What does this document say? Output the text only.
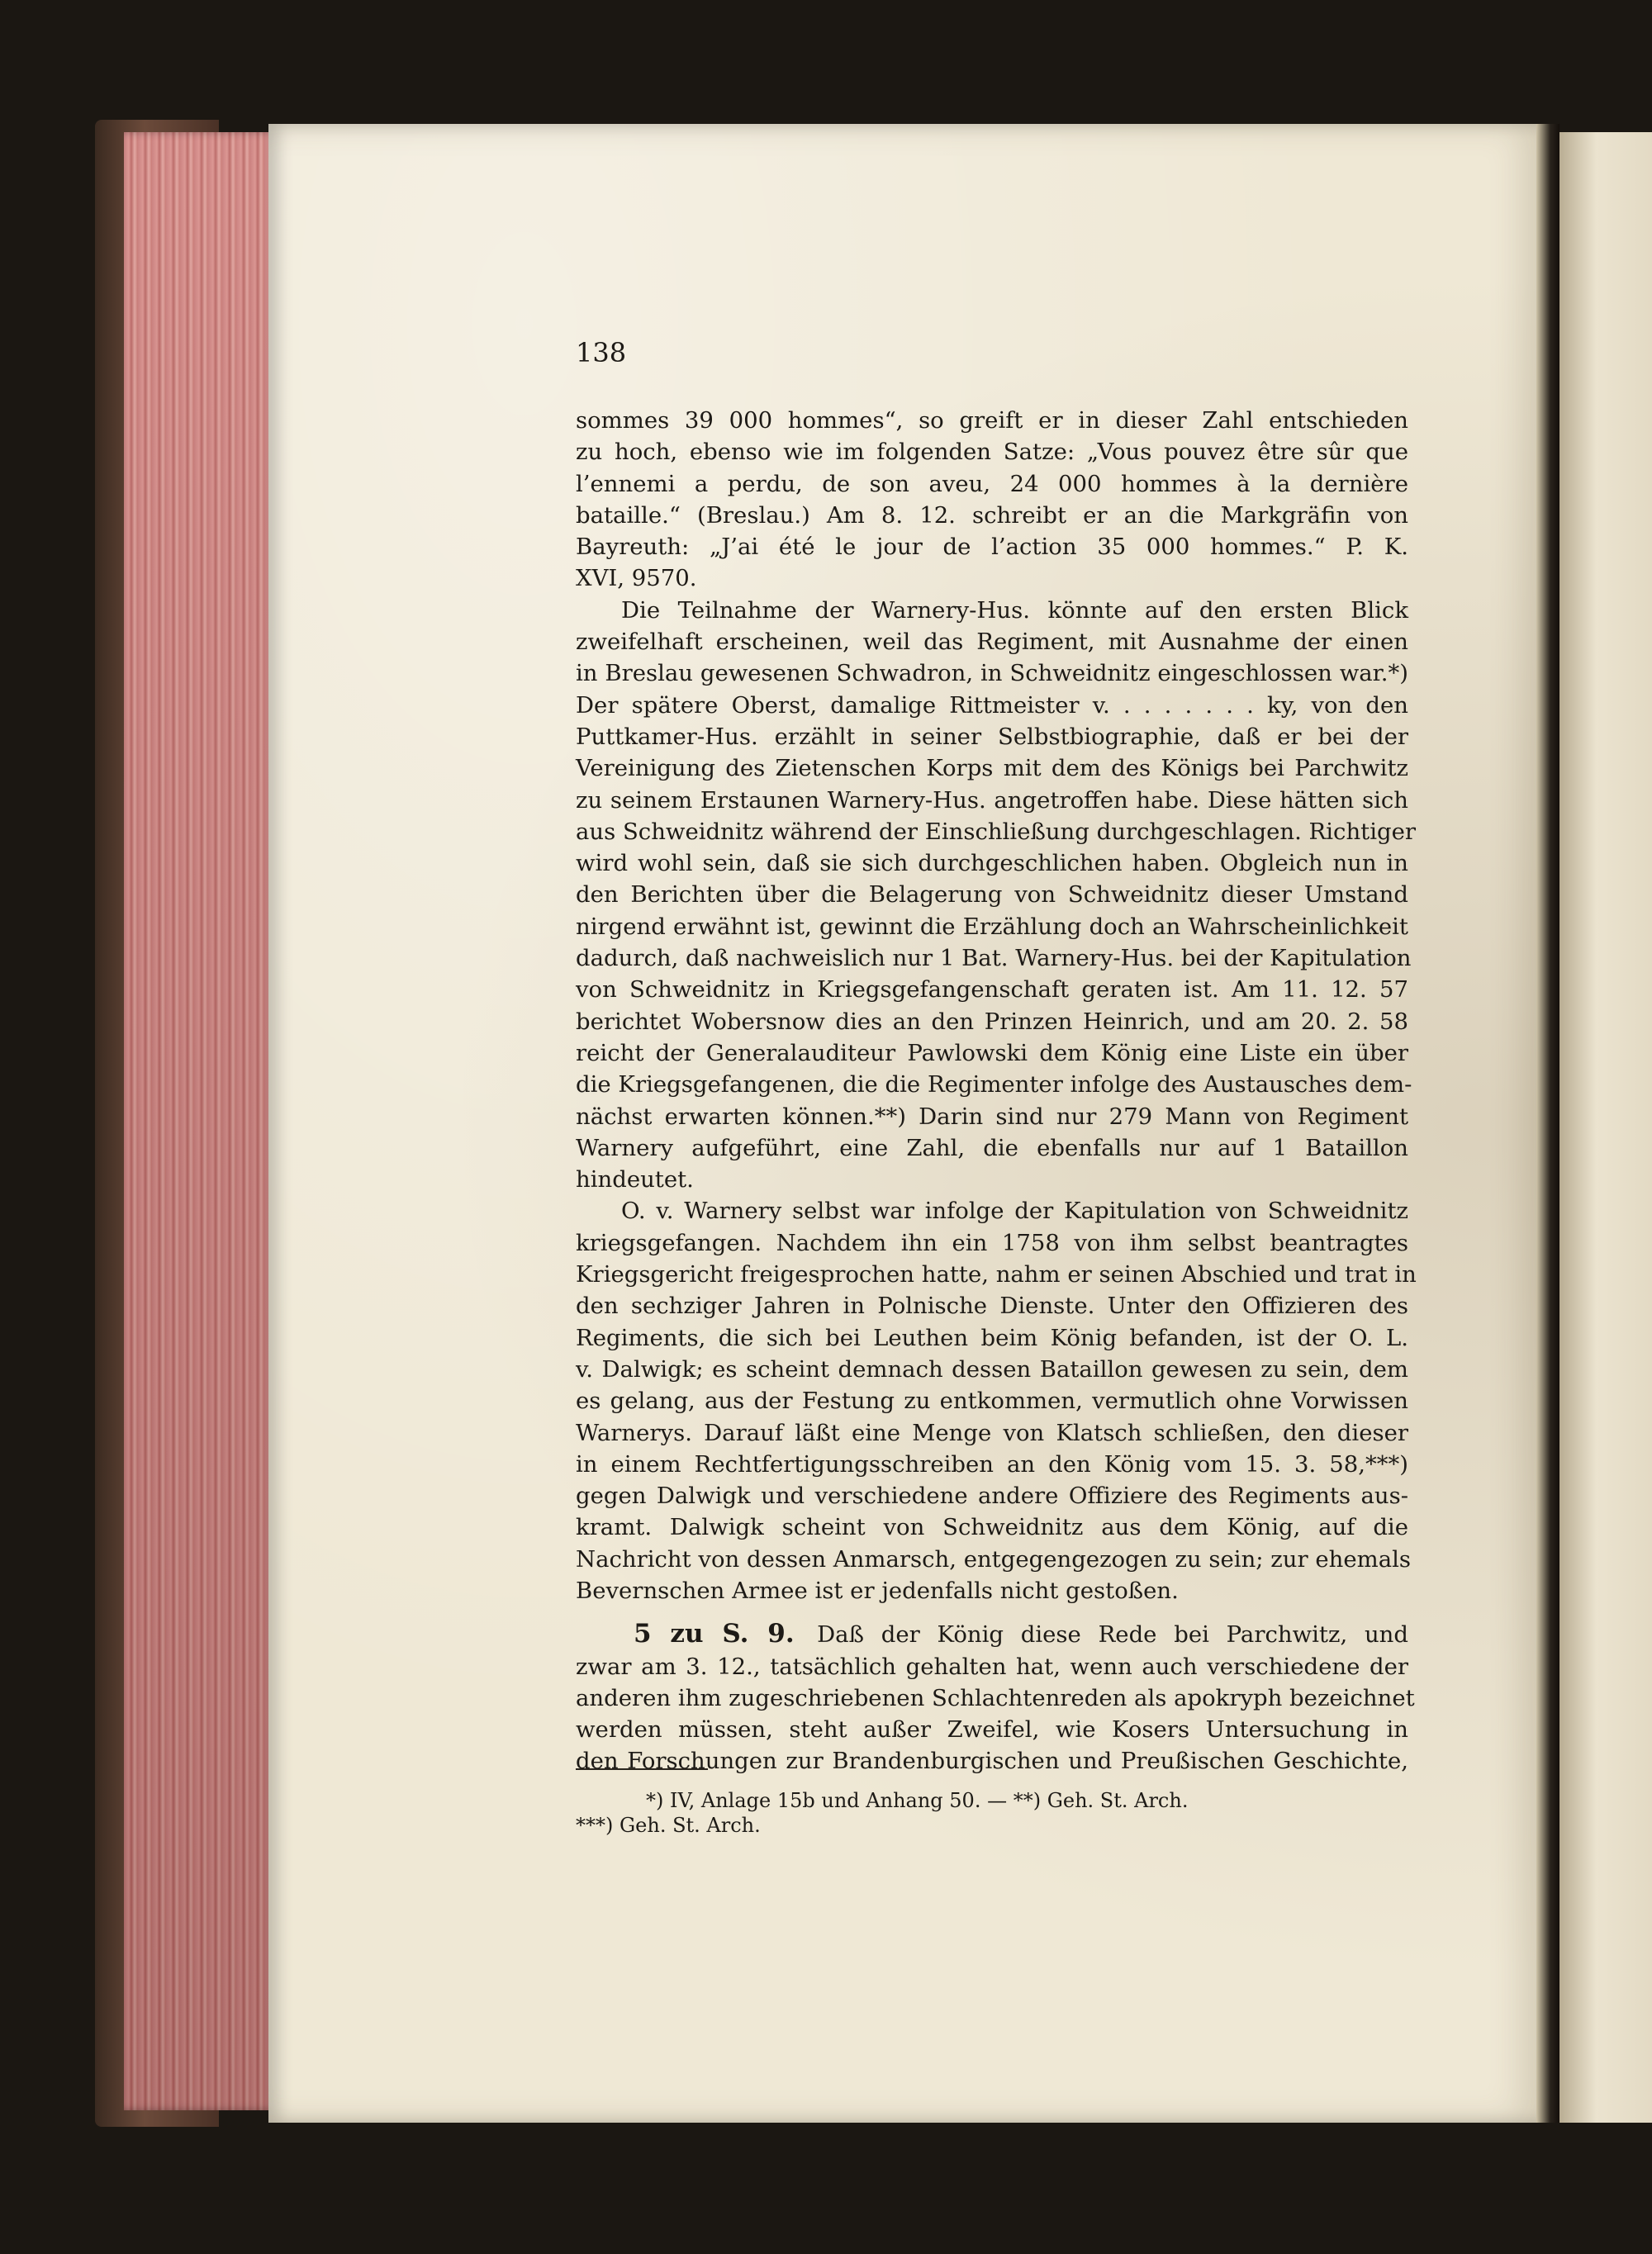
138
sommes 39 000 hommes“, so greift er in dieser Zahl entschieden
zu hoch, ebenso wie im folgenden Satze: „Vous pouvez être sûr que
l’ennemi a perdu, de son aveu, 24 000 hommes à la dernière
bataille.“ (Breslau.) Am 8. 12. schreibt er an die Markgräfin von
Bayreuth: „J’ai été le jour de l’action 35 000 hommes.“ P. K.
XVI, 9570.
Die Teilnahme der Warnery-Hus. könnte auf den ersten Blick
zweifelhaft erscheinen, weil das Regiment, mit Ausnahme der einen
in Breslau gewesenen Schwadron, in Schweidnitz eingeschlossen war.*)
Der spätere Oberst, damalige Rittmeister v. . . . . . . . ky, von den
Puttkamer-Hus. erzählt in seiner Selbstbiographie, daß er bei der
Vereinigung des Zietenschen Korps mit dem des Königs bei Parchwitz
zu seinem Erstaunen Warnery-Hus. angetroffen habe. Diese hätten sich
aus Schweidnitz während der Einschließung durchgeschlagen. Richtiger
wird wohl sein, daß sie sich durchgeschlichen haben. Obgleich nun in
den Berichten über die Belagerung von Schweidnitz dieser Umstand
nirgend erwähnt ist, gewinnt die Erzählung doch an Wahrscheinlichkeit
dadurch, daß nachweislich nur 1 Bat. Warnery-Hus. bei der Kapitulation
von Schweidnitz in Kriegsgefangenschaft geraten ist. Am 11. 12. 57
berichtet Wobersnow dies an den Prinzen Heinrich, und am 20. 2. 58
reicht der Generalauditeur Pawlowski dem König eine Liste ein über
die Kriegsgefangenen, die die Regimenter infolge des Austausches dem-
nächst erwarten können.**) Darin sind nur 279 Mann von Regiment
Warnery aufgeführt, eine Zahl, die ebenfalls nur auf 1 Bataillon
hindeutet.
O. v. Warnery selbst war infolge der Kapitulation von Schweidnitz
kriegsgefangen. Nachdem ihn ein 1758 von ihm selbst beantragtes
Kriegsgericht freigesprochen hatte, nahm er seinen Abschied und trat in
den sechziger Jahren in Polnische Dienste. Unter den Offizieren des
Regiments, die sich bei Leuthen beim König befanden, ist der O. L.
v. Dalwigk; es scheint demnach dessen Bataillon gewesen zu sein, dem
es gelang, aus der Festung zu entkommen, vermutlich ohne Vorwissen
Warnerys. Darauf läßt eine Menge von Klatsch schließen, den dieser
in einem Rechtfertigungsschreiben an den König vom 15. 3. 58,***)
gegen Dalwigk und verschiedene andere Offiziere des Regiments aus-
kramt. Dalwigk scheint von Schweidnitz aus dem König, auf die
Nachricht von dessen Anmarsch, entgegengezogen zu sein; zur ehemals
Bevernschen Armee ist er jedenfalls nicht gestoßen.
5 zu S. 9.  Daß der König diese Rede bei Parchwitz, und
zwar am 3. 12., tatsächlich gehalten hat, wenn auch verschiedene der
anderen ihm zugeschriebenen Schlachtenreden als apokryph bezeichnet
werden müssen, steht außer Zweifel, wie Kosers Untersuchung in
den Forschungen zur Brandenburgischen und Preußischen Geschichte,
*) IV, Anlage 15b und Anhang 50. — **) Geh. St. Arch.
***) Geh. St. Arch.
